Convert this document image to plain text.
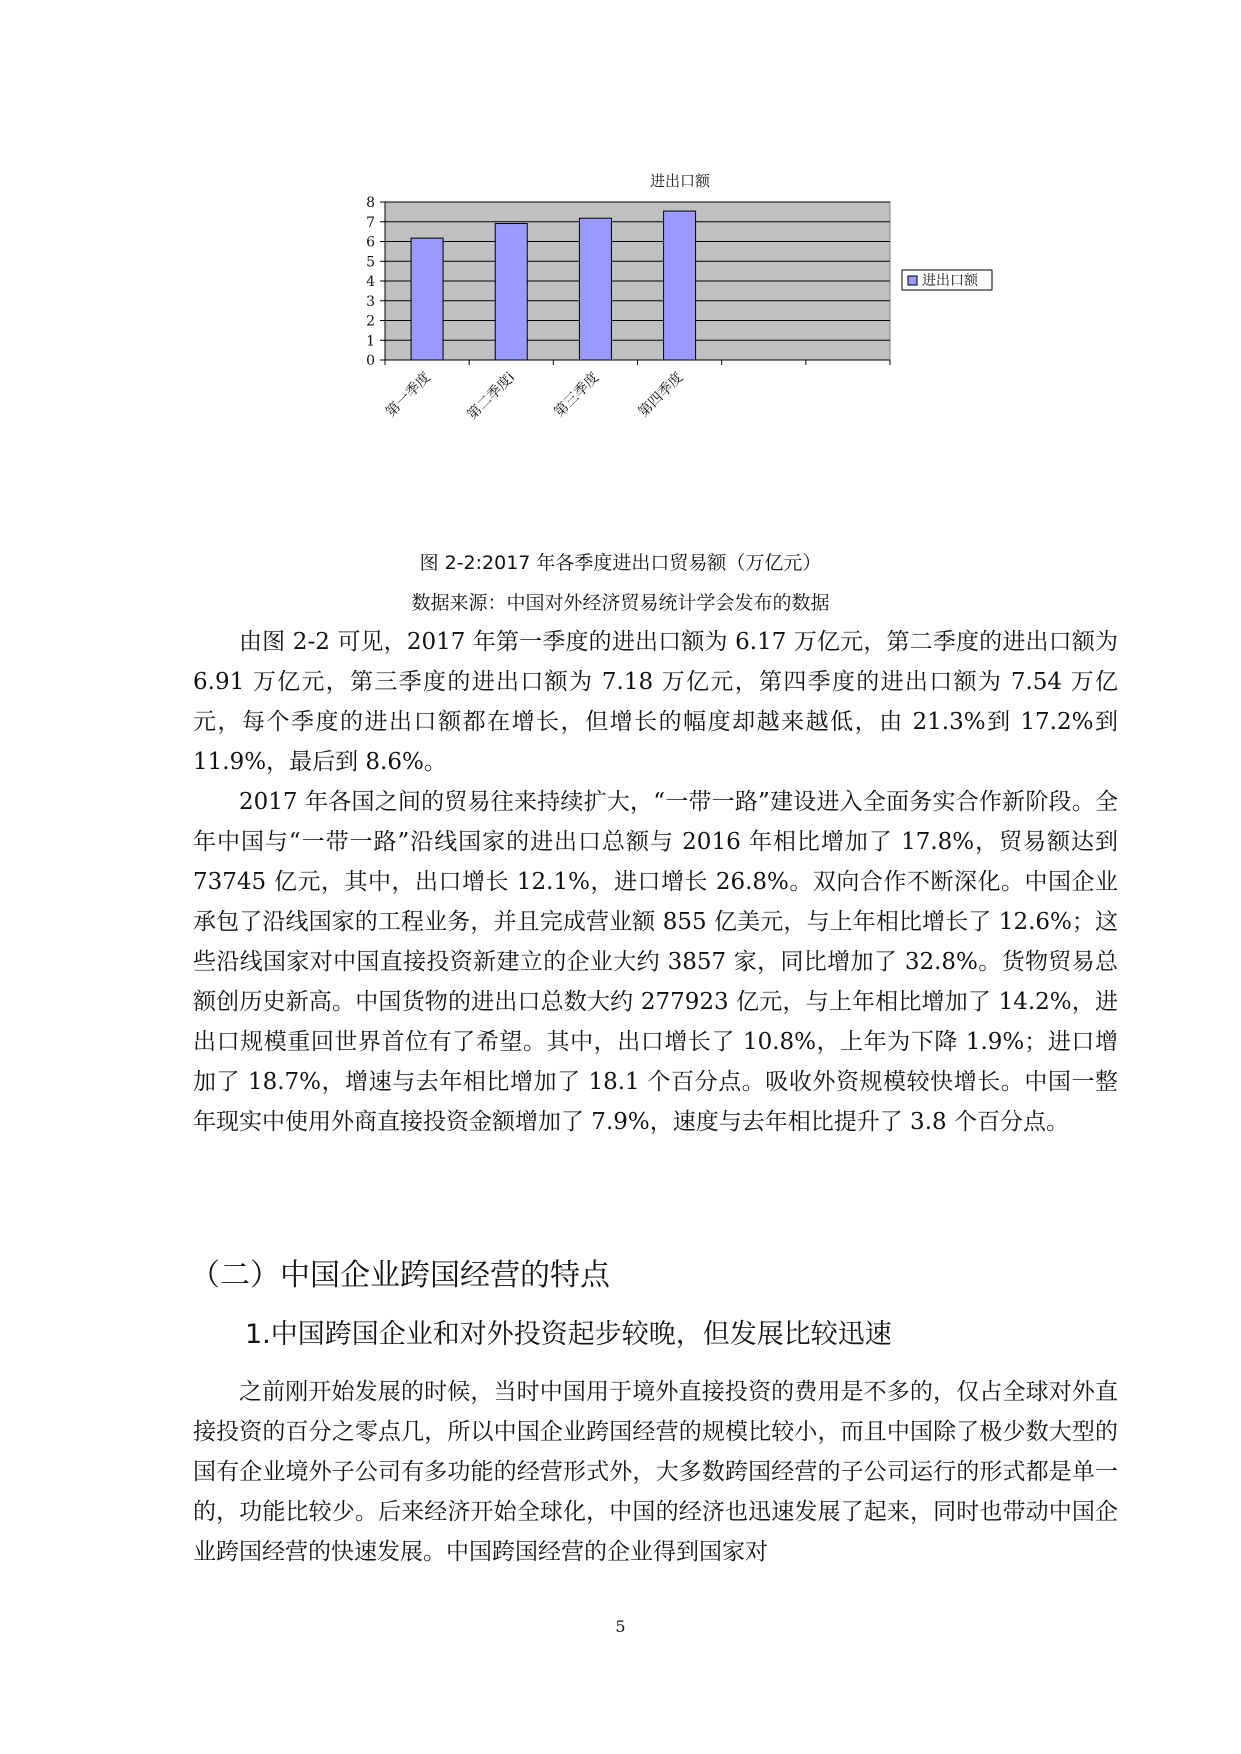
进出口额
0
1
2
3
4
5
6
7
8
第一季度 第二季度i 第三季度 第四季度
进出口额
图 2-2:2017 年各季度进出口贸易额（万亿元）
数据来源：中国对外经济贸易统计学会发布的数据

由图 2-2 可见，2017 年第一季度的进出口额为 6.17 万亿元，第二季度的进出口额为 6.91 万亿元，第三季度的进出口额为 7.18 万亿元，第四季度的进出口额为 7.54 万亿元，每个季度的进出口额都在增长，但增长的幅度却越来越低，由 21.3%到 17.2%到 11.9%，最后到 8.6%。

2017 年各国之间的贸易往来持续扩大，“一带一路”建设进入全面务实合作新阶段。全年中国与“一带一路”沿线国家的进出口总额与 2016 年相比增加了 17.8%，贸易额达到 73745 亿元，其中，出口增长 12.1%，进口增长 26.8%。双向合作不断深化。中国企业承包了沿线国家的工程业务，并且完成营业额 855 亿美元，与上年相比增长了 12.6%；这些沿线国家对中国直接投资新建立的企业大约 3857 家，同比增加了 32.8%。货物贸易总额创历史新高。中国货物的进出口总数大约 277923 亿元，与上年相比增加了 14.2%，进出口规模重回世界首位有了希望。其中，出口增长了 10.8%，上年为下降 1.9%；进口增加了 18.7%，增速与去年相比增加了 18.1 个百分点。吸收外资规模较快增长。中国一整年现实中使用外商直接投资金额增加了 7.9%，速度与去年相比提升了 3.8 个百分点。

（二）中国企业跨国经营的特点
1.中国跨国企业和对外投资起步较晚，但发展比较迅速

之前刚开始发展的时候，当时中国用于境外直接投资的费用是不多的，仅占全球对外直接投资的百分之零点几，所以中国企业跨国经营的规模比较小，而且中国除了极少数大型的国有企业境外子公司有多功能的经营形式外，大多数跨国经营的子公司运行的形式都是单一的，功能比较少。后来经济开始全球化，中国的经济也迅速发展了起来，同时也带动中国企业跨国经营的快速发展。中国跨国经营的企业得到国家对

5
